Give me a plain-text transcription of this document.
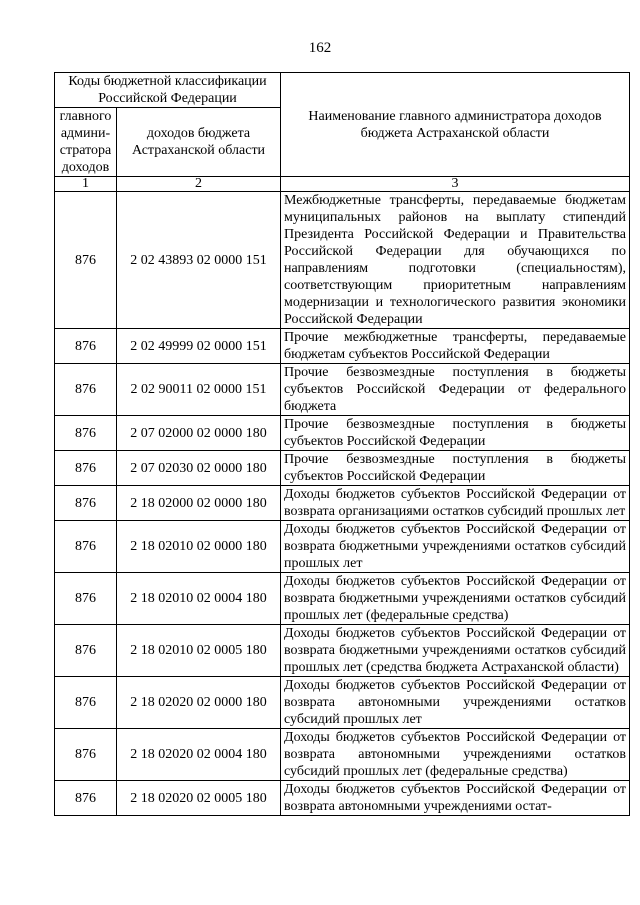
162
Коды бюджетной классификации Российской Федерации		Наименование главного администратора доходов бюджета Астраханской области
главного админи-стратора доходов	доходов бюджета Астраханской области	
1	2	3
876	2 02 43893 02 0000 151	Межбюджетные трансферты, передаваемые бюджетам муниципальных районов на выплату стипендий Президента Российской Федерации и Правительства Российской Федерации для обучающихся по направлениям подготовки (специальностям), соответствующим приоритетным направлениям модернизации и технологического развития экономики Российской Федерации
876	2 02 49999 02 0000 151	Прочие межбюджетные трансферты, передаваемые бюджетам субъектов Российской Федерации
876	2 02 90011 02 0000 151	Прочие безвозмездные поступления в бюджеты субъектов Российской Федерации от федерального бюджета
876	2 07 02000 02 0000 180	Прочие безвозмездные поступления в бюджеты субъектов Российской Федерации
876	2 07 02030 02 0000 180	Прочие безвозмездные поступления в бюджеты субъектов Российской Федерации
876	2 18 02000 02 0000 180	Доходы бюджетов субъектов Российской Федерации от возврата организациями остатков субсидий прошлых лет
876	2 18 02010 02 0000 180	Доходы бюджетов субъектов Российской Федерации от возврата бюджетными учреждениями остатков субсидий прошлых лет
876	2 18 02010 02 0004 180	Доходы бюджетов субъектов Российской Федерации от возврата бюджетными учреждениями остатков субсидий прошлых лет (федеральные средства)
876	2 18 02010 02 0005 180	Доходы бюджетов субъектов Российской Федерации от возврата бюджетными учреждениями остатков субсидий прошлых лет (средства бюджета Астраханской области)
876	2 18 02020 02 0000 180	Доходы бюджетов субъектов Российской Федерации от возврата автономными учреждениями остатков субсидий прошлых лет
876	2 18 02020 02 0004 180	Доходы бюджетов субъектов Российской Федерации от возврата автономными учреждениями остатков субсидий прошлых лет (федеральные средства)
876	2 18 02020 02 0005 180	Доходы бюджетов субъектов Российской Федерации от возврата автономными учреждениями остат-
